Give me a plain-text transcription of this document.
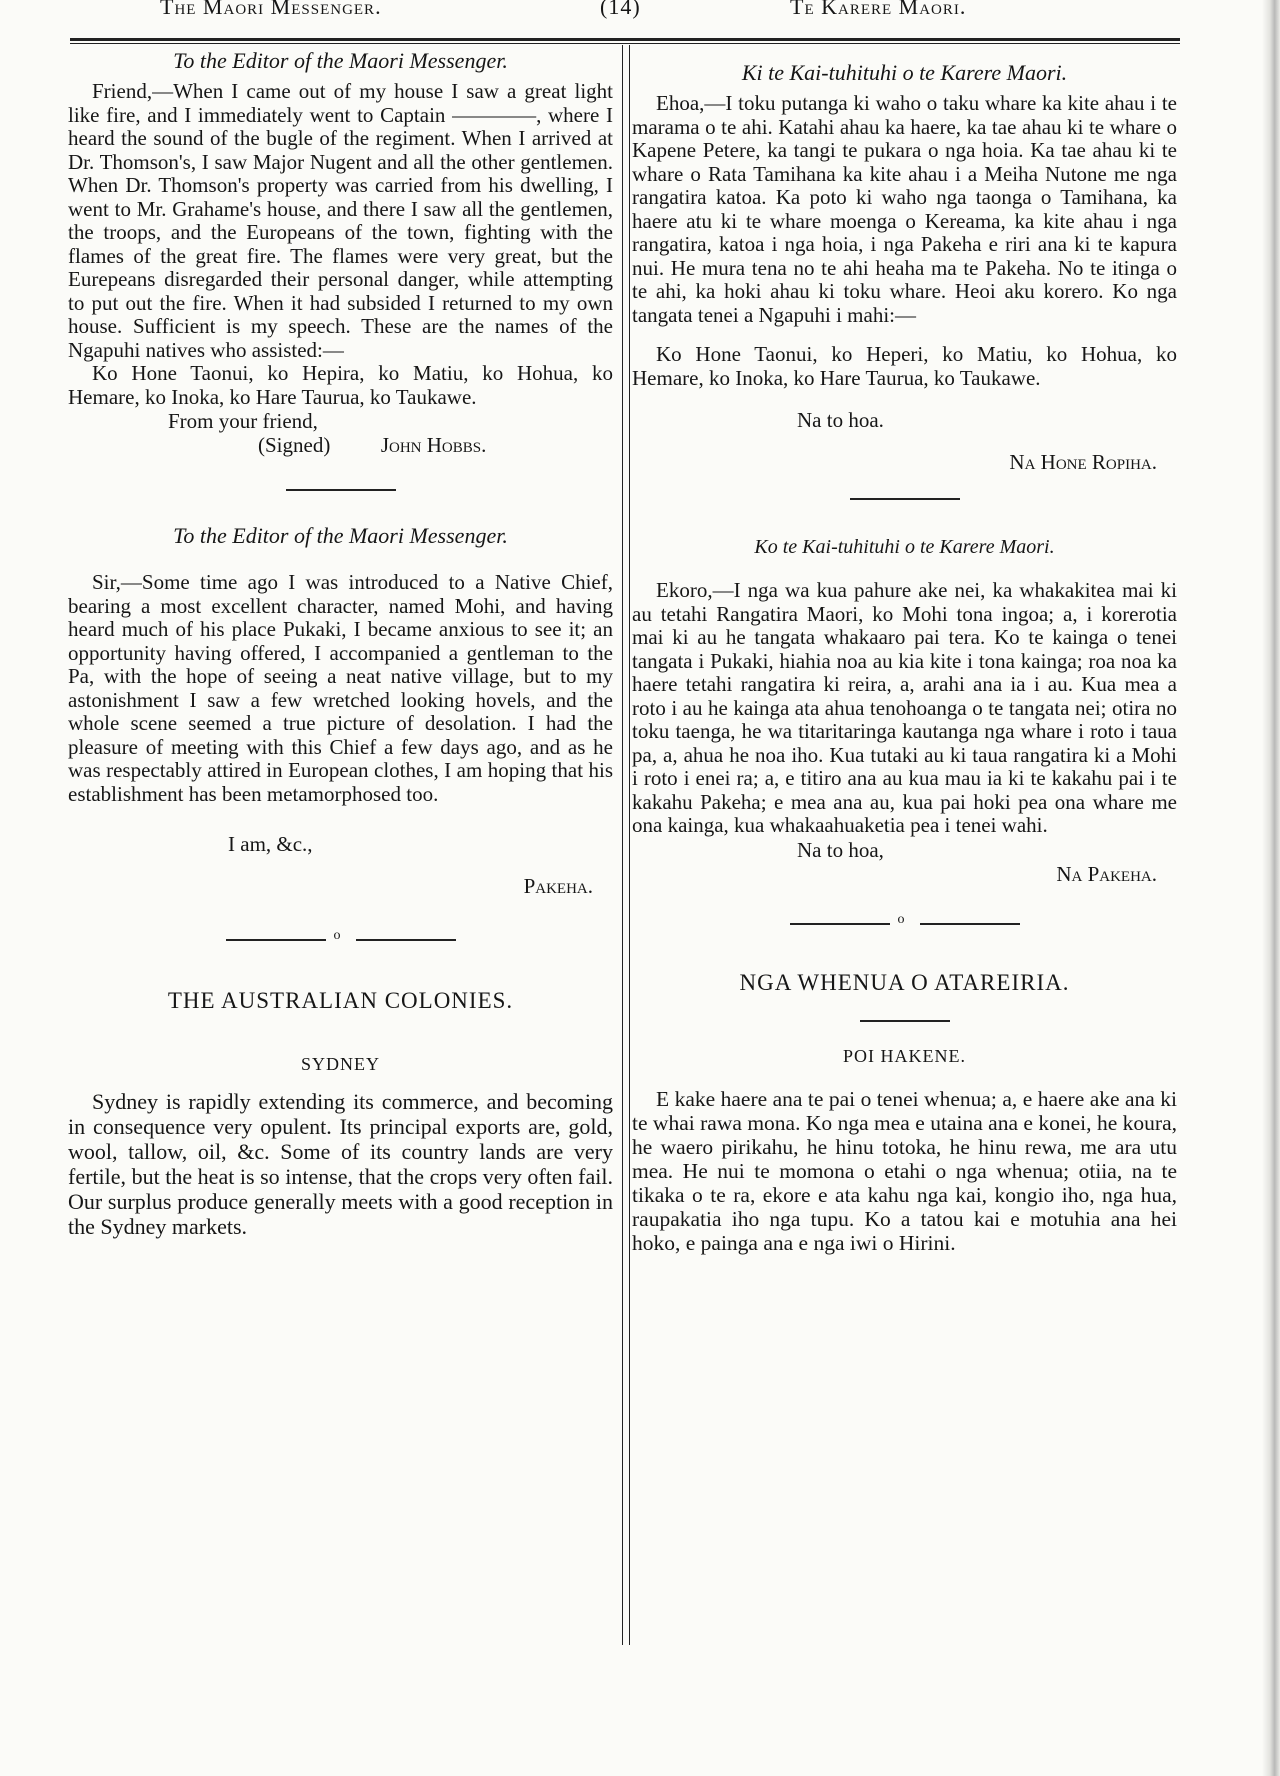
The Maori Messenger.	(14)	Te Karere Maori.
To the Editor of the Maori Messenger.

Friend,—When I came out of my house I saw a great light like fire, and I immediately went to Captain ————, where I heard the sound of the bugle of the regiment. When I arrived at Dr. Thomson's, I saw Major Nugent and all the other gentlemen. When Dr. Thomson's property was carried from his dwelling, I went to Mr. Grahame's house, and there I saw all the gentlemen, the troops, and the Europeans of the town, fighting with the flames of the great fire. The flames were very great, but the Eurepeans disregarded their personal danger, while attempting to put out the fire. When it had subsided I returned to my own house. Sufficient is my speech. These are the names of the Ngapuhi natives who assisted:—

Ko Hone Taonui, ko Hepira, ko Matiu, ko Hohua, ko Hemare, ko Inoka, ko Hare Taurua, ko Taukawe.

From your friend,
(Signed) John Hobbs.
To the Editor of the Maori Messenger.

Sir,—Some time ago I was introduced to a Native Chief, bearing a most excellent character, named Mohi, and having heard much of his place Pukaki, I became anxious to see it; an opportunity having offered, I accompanied a gentleman to the Pa, with the hope of seeing a neat native village, but to my astonishment I saw a few wretched looking hovels, and the whole scene seemed a true picture of desolation. I had the pleasure of meeting with this Chief a few days ago, and as he was respectably attired in European clothes, I am hoping that his establishment has been metamorphosed too.

I am, &c.,
Pakeha.
o
THE AUSTRALIAN COLONIES.
SYDNEY

Sydney is rapidly extending its commerce, and becoming in consequence very opulent. Its principal exports are, gold, wool, tallow, oil, &c. Some of its country lands are very fertile, but the heat is so intense, that the crops very often fail. Our surplus produce generally meets with a good reception in the Sydney markets.

Ki te Kai-tuhituhi o te Karere Maori.

Ehoa,—I toku putanga ki waho o taku whare ka kite ahau i te marama o te ahi. Katahi ahau ka haere, ka tae ahau ki te whare o Kapene Petere, ka tangi te pukara o nga hoia. Ka tae ahau ki te whare o Rata Tamihana ka kite ahau i a Meiha Nutone me nga rangatira katoa. Ka poto ki waho nga taonga o Tamihana, ka haere atu ki te whare moenga o Kereama, ka kite ahau i nga rangatira, katoa i nga hoia, i nga Pakeha e riri ana ki te kapura nui. He mura tena no te ahi heaha ma te Pakeha. No te itinga o te ahi, ka hoki ahau ki toku whare. Heoi aku korero. Ko nga tangata tenei a Ngapuhi i mahi:—

Ko Hone Taonui, ko Heperi, ko Matiu, ko Hohua, ko Hemare, ko Inoka, ko Hare Taurua, ko Taukawe.

Na to hoa.
Na Hone Ropiha.
Ko te Kai-tuhituhi o te Karere Maori.

Ekoro,—I nga wa kua pahure ake nei, ka whakakitea mai ki au tetahi Rangatira Maori, ko Mohi tona ingoa; a, i korerotia mai ki au he tangata whakaaro pai tera. Ko te kainga o tenei tangata i Pukaki, hiahia noa au kia kite i tona kainga; roa noa ka haere tetahi rangatira ki reira, a, arahi ana ia i au. Kua mea a roto i au he kainga ata ahua tenohoanga o te tangata nei; otira no toku taenga, he wa titaritaringa kautanga nga whare i roto i taua pa, a, ahua he noa iho. Kua tutaki au ki taua rangatira ki a Mohi i roto i enei ra; a, e titiro ana au kua mau ia ki te kakahu pai i te kakahu Pakeha; e mea ana au, kua pai hoki pea ona whare me ona kainga, kua whakaahuaketia pea i tenei wahi.

Na to hoa,
Na Pakeha.
o
NGA WHENUA O ATAREIRIA.
POI HAKENE.

E kake haere ana te pai o tenei whenua; a, e haere ake ana ki te whai rawa mona. Ko nga mea e utaina ana e konei, he koura, he waero pirikahu, he hinu totoka, he hinu rewa, me ara utu mea. He nui te momona o etahi o nga whenua; otiia, na te tikaka o te ra, ekore e ata kahu nga kai, kongio iho, nga hua, raupakatia iho nga tupu. Ko a tatou kai e motuhia ana hei hoko, e painga ana e nga iwi o Hirini.
